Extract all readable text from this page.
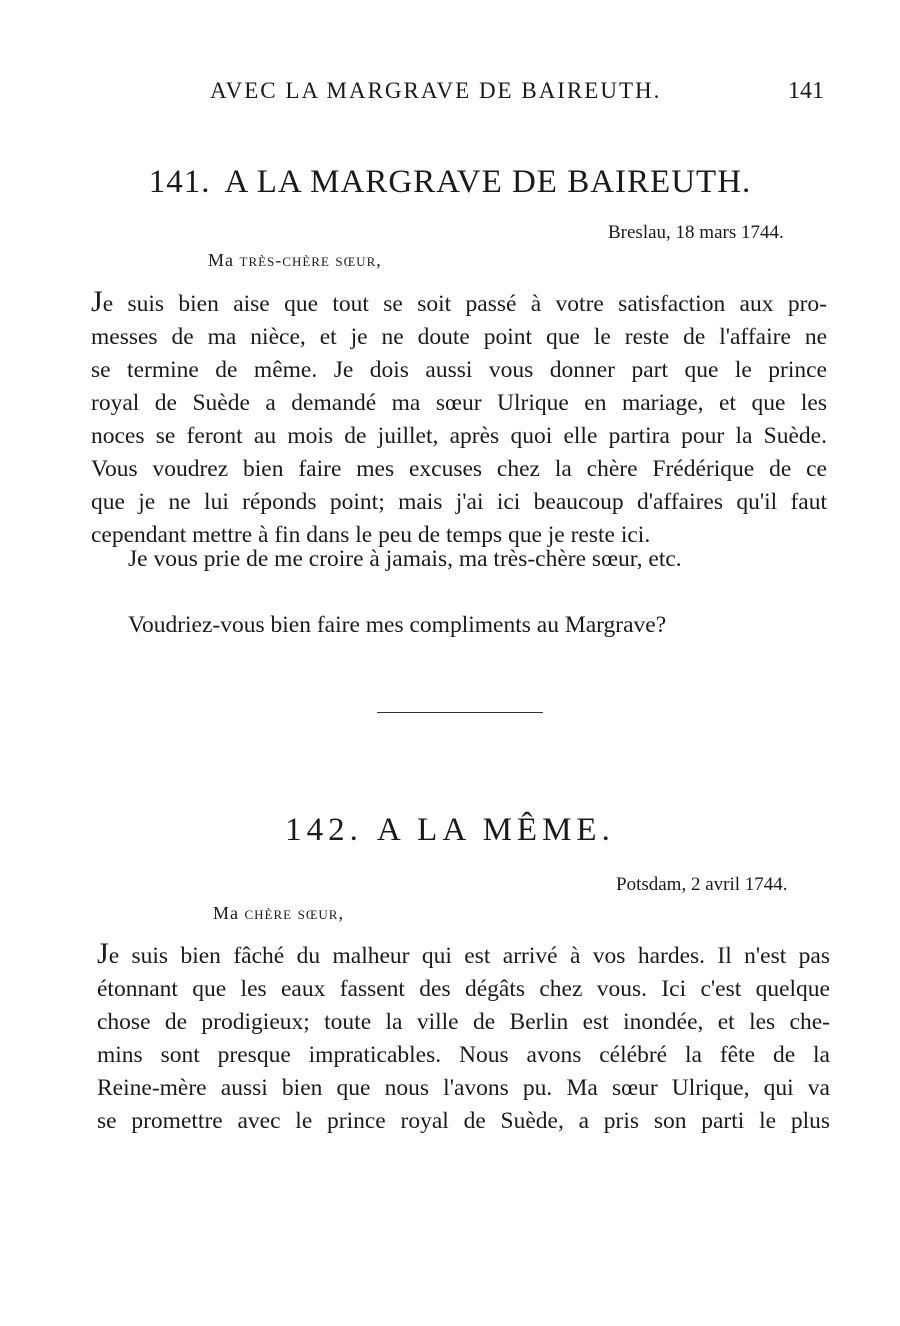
AVEC LA MARGRAVE DE BAIREUTH.	141
141. A LA MARGRAVE DE BAIREUTH.
Breslau, 18 mars 1744.
Ma très-chère sœur,
Je suis bien aise que tout se soit passé à votre satisfaction aux pro-
messes de ma nièce, et je ne doute point que le reste de l'affaire ne
se termine de même. Je dois aussi vous donner part que le prince
royal de Suède a demandé ma sœur Ulrique en mariage, et que les
noces se feront au mois de juillet, après quoi elle partira pour la Suède.
Vous voudrez bien faire mes excuses chez la chère Frédérique de ce
que je ne lui réponds point; mais j'ai ici beaucoup d'affaires qu'il faut
cependant mettre à fin dans le peu de temps que je reste ici.
Je vous prie de me croire à jamais, ma très-chère sœur, etc.
Voudriez-vous bien faire mes compliments au Margrave?
142. A LA MÊME.
Potsdam, 2 avril 1744.
Ma chère sœur,
Je suis bien fâché du malheur qui est arrivé à vos hardes. Il n'est pas
étonnant que les eaux fassent des dégâts chez vous. Ici c'est quelque
chose de prodigieux; toute la ville de Berlin est inondée, et les che-
mins sont presque impraticables. Nous avons célébré la fête de la
Reine-mère aussi bien que nous l'avons pu. Ma sœur Ulrique, qui va
se promettre avec le prince royal de Suède, a pris son parti le plus
